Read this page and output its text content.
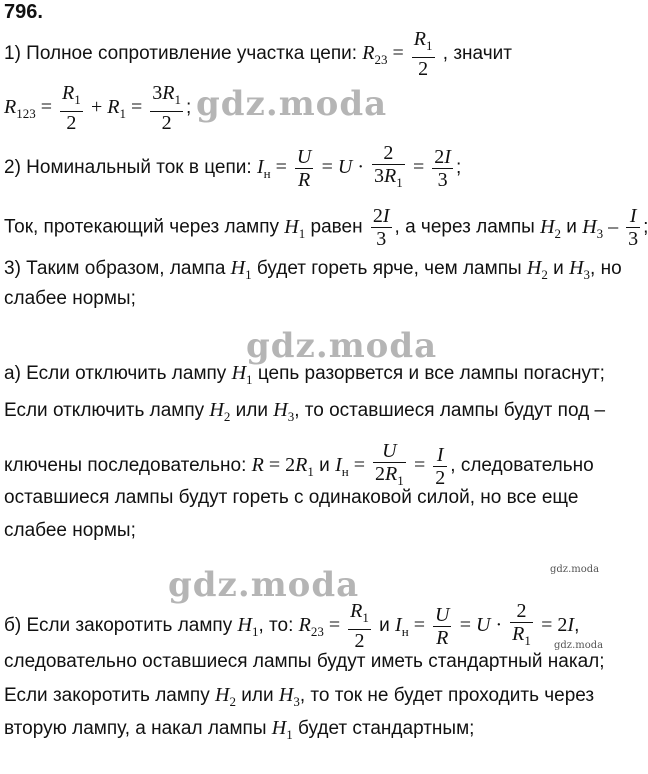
796.
1) Полное сопротивление участка цепи: $R_{23} = \frac{R_1}{2}$ , значит
$R_{123} = \frac{R_1}{2} + R_1 = \frac{3R_1}{2}$ ;
2) Номинальный ток в цепи: $I_н = \frac{U}{R} = U \cdot \frac{2}{3R_1} = \frac{2I}{3}$ ;
Ток, протекающий через лампу $H_1$ равен $\frac{2I}{3}$ , а через лампы $H_2$ и $H_3 - \frac{I}{3}$ ;
3) Таким образом, лампа $H_1$ будет гореть ярче, чем лампы $H_2$ и $H_3$, но
слабее нормы;
а) Если отключить лампу $H_1$ цепь разорвется и все лампы погаснут;
Если отключить лампу $H_2$ или $H_3$, то оставшиеся лампы будут под –
ключены последовательно: $R = 2R_1$ и $I_н = \frac{U}{2R_1} = \frac{I}{2}$ , следовательно
оставшиеся лампы будут гореть с одинаковой силой, но все еще
слабее нормы;
б) Если закоротить лампу $H_1$, то: $R_{23} = \frac{R_1}{2}$ и $I_н = \frac{U}{R} = U \cdot \frac{2}{R_1} = 2I$,
следовательно оставшиеся лампы будут иметь стандартный накал;
Если закоротить лампу $H_2$ или $H_3$, то ток не будет проходить через
вторую лампу, а накал лампы $H_1$ будет стандартным;
gdz.moda
gdz.moda
gdz.moda	gdz.moda
gdz.moda
